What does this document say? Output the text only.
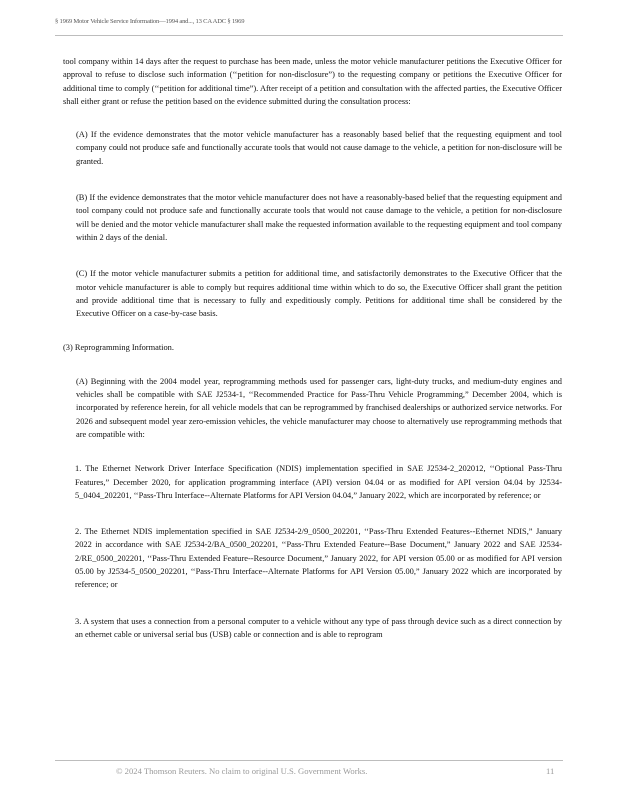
§ 1969 Motor Vehicle Service Information—1994 and..., 13 CA ADC § 1969

tool company within 14 days after the request to purchase has been made, unless the motor vehicle manufacturer petitions the Executive Officer for approval to refuse to disclose such information (‘‘petition for non-disclosure”) to the requesting company or petitions the Executive Officer for additional time to comply (‘‘petition for additional time”). After receipt of a petition and consultation with the affected parties, the Executive Officer shall either grant or refuse the petition based on the evidence submitted during the consultation process:

(A) If the evidence demonstrates that the motor vehicle manufacturer has a reasonably based belief that the requesting equipment and tool company could not produce safe and functionally accurate tools that would not cause damage to the vehicle, a petition for non-disclosure will be granted.

(B) If the evidence demonstrates that the motor vehicle manufacturer does not have a reasonably-based belief that the requesting equipment and tool company could not produce safe and functionally accurate tools that would not cause damage to the vehicle, a petition for non-disclosure will be denied and the motor vehicle manufacturer shall make the requested information available to the requesting equipment and tool company within 2 days of the denial.

(C) If the motor vehicle manufacturer submits a petition for additional time, and satisfactorily demonstrates to the Executive Officer that the motor vehicle manufacturer is able to comply but requires additional time within which to do so, the Executive Officer shall grant the petition and provide additional time that is necessary to fully and expeditiously comply. Petitions for additional time shall be considered by the Executive Officer on a case-by-case basis.

(3) Reprogramming Information.

(A) Beginning with the 2004 model year, reprogramming methods used for passenger cars, light-duty trucks, and medium-duty engines and vehicles shall be compatible with SAE J2534-1, ‘‘Recommended Practice for Pass-Thru Vehicle Programming,” December 2004, which is incorporated by reference herein, for all vehicle models that can be reprogrammed by franchised dealerships or authorized service networks. For 2026 and subsequent model year zero-emission vehicles, the vehicle manufacturer may choose to alternatively use reprogramming methods that are compatible with:

1. The Ethernet Network Driver Interface Specification (NDIS) implementation specified in SAE J2534-2_202012, ‘‘Optional Pass-Thru Features,” December 2020, for application programming interface (API) version 04.04 or as modified for API version 04.04 by J2534-5_0404_202201, ‘‘Pass-Thru Interface--Alternate Platforms for API Version 04.04,” January 2022, which are incorporated by reference; or

2. The Ethernet NDIS implementation specified in SAE J2534-2/9_0500_202201, ‘‘Pass-Thru Extended Features--Ethernet NDIS,” January 2022 in accordance with SAE J2534-2/BA_0500_202201, ‘‘Pass-Thru Extended Feature--Base Document,” January 2022 and SAE J2534-2/RE_0500_202201, ‘‘Pass-Thru Extended Feature--Resource Document,” January 2022, for API version 05.00 or as modified for API version 05.00 by J2534-5_0500_202201, ‘‘Pass-Thru Interface--Alternate Platforms for API Version 05.00,” January 2022 which are incorporated by reference; or

3. A system that uses a connection from a personal computer to a vehicle without any type of pass through device such as a direct connection by an ethernet cable or universal serial bus (USB) cable or connection and is able to reprogram

© 2024 Thomson Reuters. No claim to original U.S. Government Works.	11
